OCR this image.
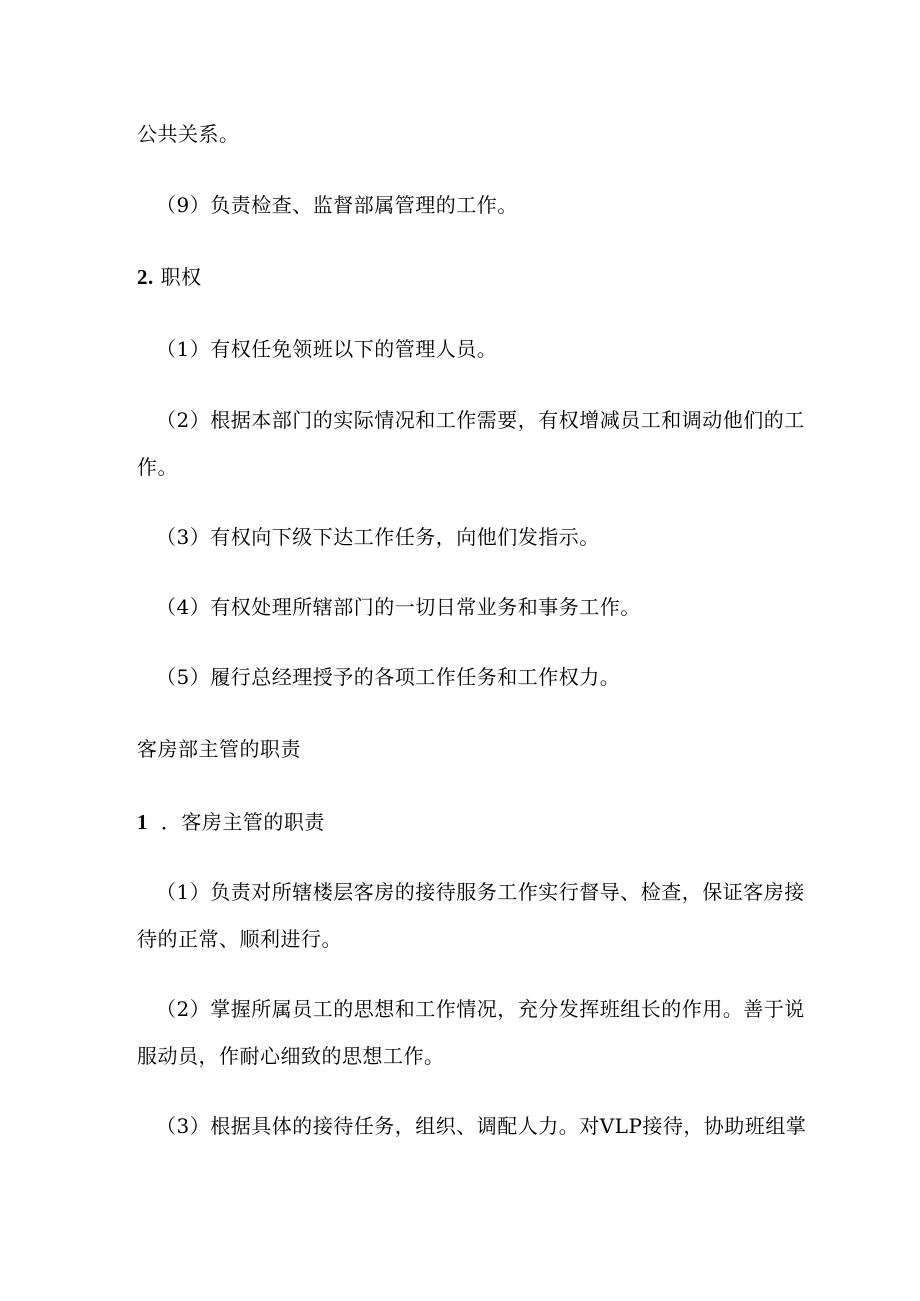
公共关系。
（9）负责检查、监督部属管理的工作。
2. 职权
（1）有权任免领班以下的管理人员。
（2）根据本部门的实际情况和工作需要，有权增减员工和调动他们的工
作。
（3）有权向下级下达工作任务，向他们发指示。
（4）有权处理所辖部门的一切日常业务和事务工作。
（5）履行总经理授予的各项工作任务和工作权力。
客房部主管的职责
1 ．客房主管的职责
（1）负责对所辖楼层客房的接待服务工作实行督导、检查，保证客房接
待的正常、顺利进行。
（2）掌握所属员工的思想和工作情况，充分发挥班组长的作用。善于说
服动员，作耐心细致的思想工作。
（3）根据具体的接待任务，组织、调配人力。对VLP接待，协助班组掌
